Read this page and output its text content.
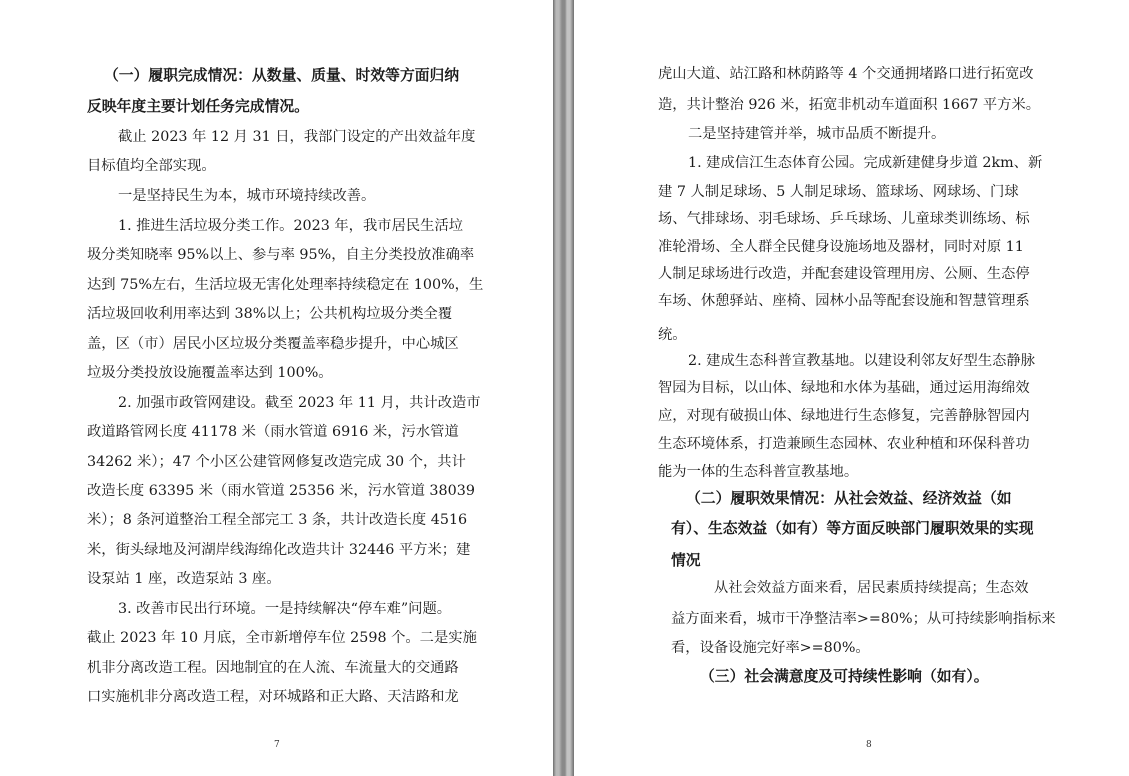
（一）履职完成情况：从数量、质量、时效等方面归纳
反映年度主要计划任务完成情况。
截止 2023 年 12 月 31 日，我部门设定的产出效益年度
目标值均全部实现。
一是坚持民生为本，城市环境持续改善。
1. 推进生活垃圾分类工作。2023 年，我市居民生活垃
圾分类知晓率 95%以上、参与率 95%，自主分类投放准确率
达到 75%左右，生活垃圾无害化处理率持续稳定在 100%，生
活垃圾回收利用率达到 38%以上；公共机构垃圾分类全覆
盖，区（市）居民小区垃圾分类覆盖率稳步提升，中心城区
垃圾分类投放设施覆盖率达到 100%。
2. 加强市政管网建设。截至 2023 年 11 月，共计改造市
政道路管网长度 41178 米（雨水管道 6916 米，污水管道
34262 米）；47 个小区公建管网修复改造完成 30 个，共计
改造长度 63395 米（雨水管道 25356 米，污水管道 38039
米）；8 条河道整治工程全部完工 3 条，共计改造长度 4516
米，街头绿地及河湖岸线海绵化改造共计 32446 平方米；建
设泵站 1 座，改造泵站 3 座。
3. 改善市民出行环境。一是持续解决“停车难”问题。
截止 2023 年 10 月底，全市新增停车位 2598 个。二是实施
机非分离改造工程。因地制宜的在人流、车流量大的交通路
口实施机非分离改造工程，对环城路和正大路、天洁路和龙
7
虎山大道、站江路和林荫路等 4 个交通拥堵路口进行拓宽改
造，共计整治 926 米，拓宽非机动车道面积 1667 平方米。
二是坚持建管并举，城市品质不断提升。
1. 建成信江生态体育公园。完成新建健身步道 2km、新
建 7 人制足球场、5 人制足球场、篮球场、网球场、门球
场、气排球场、羽毛球场、乒乓球场、儿童球类训练场、标
准轮滑场、全人群全民健身设施场地及器材，同时对原 11
人制足球场进行改造，并配套建设管理用房、公厕、生态停
车场、休憩驿站、座椅、园林小品等配套设施和智慧管理系
统。
2. 建成生态科普宣教基地。以建设利邻友好型生态静脉
智园为目标，以山体、绿地和水体为基础，通过运用海绵效
应，对现有破损山体、绿地进行生态修复，完善静脉智园内
生态环境体系，打造兼顾生态园林、农业种植和环保科普功
能为一体的生态科普宣教基地。
（二）履职效果情况：从社会效益、经济效益（如
有）、生态效益（如有）等方面反映部门履职效果的实现
情况
从社会效益方面来看，居民素质持续提高；生态效
益方面来看，城市干净整洁率>=80%；从可持续影响指标来
看，设备设施完好率>=80%。
（三）社会满意度及可持续性影响（如有）。
8
